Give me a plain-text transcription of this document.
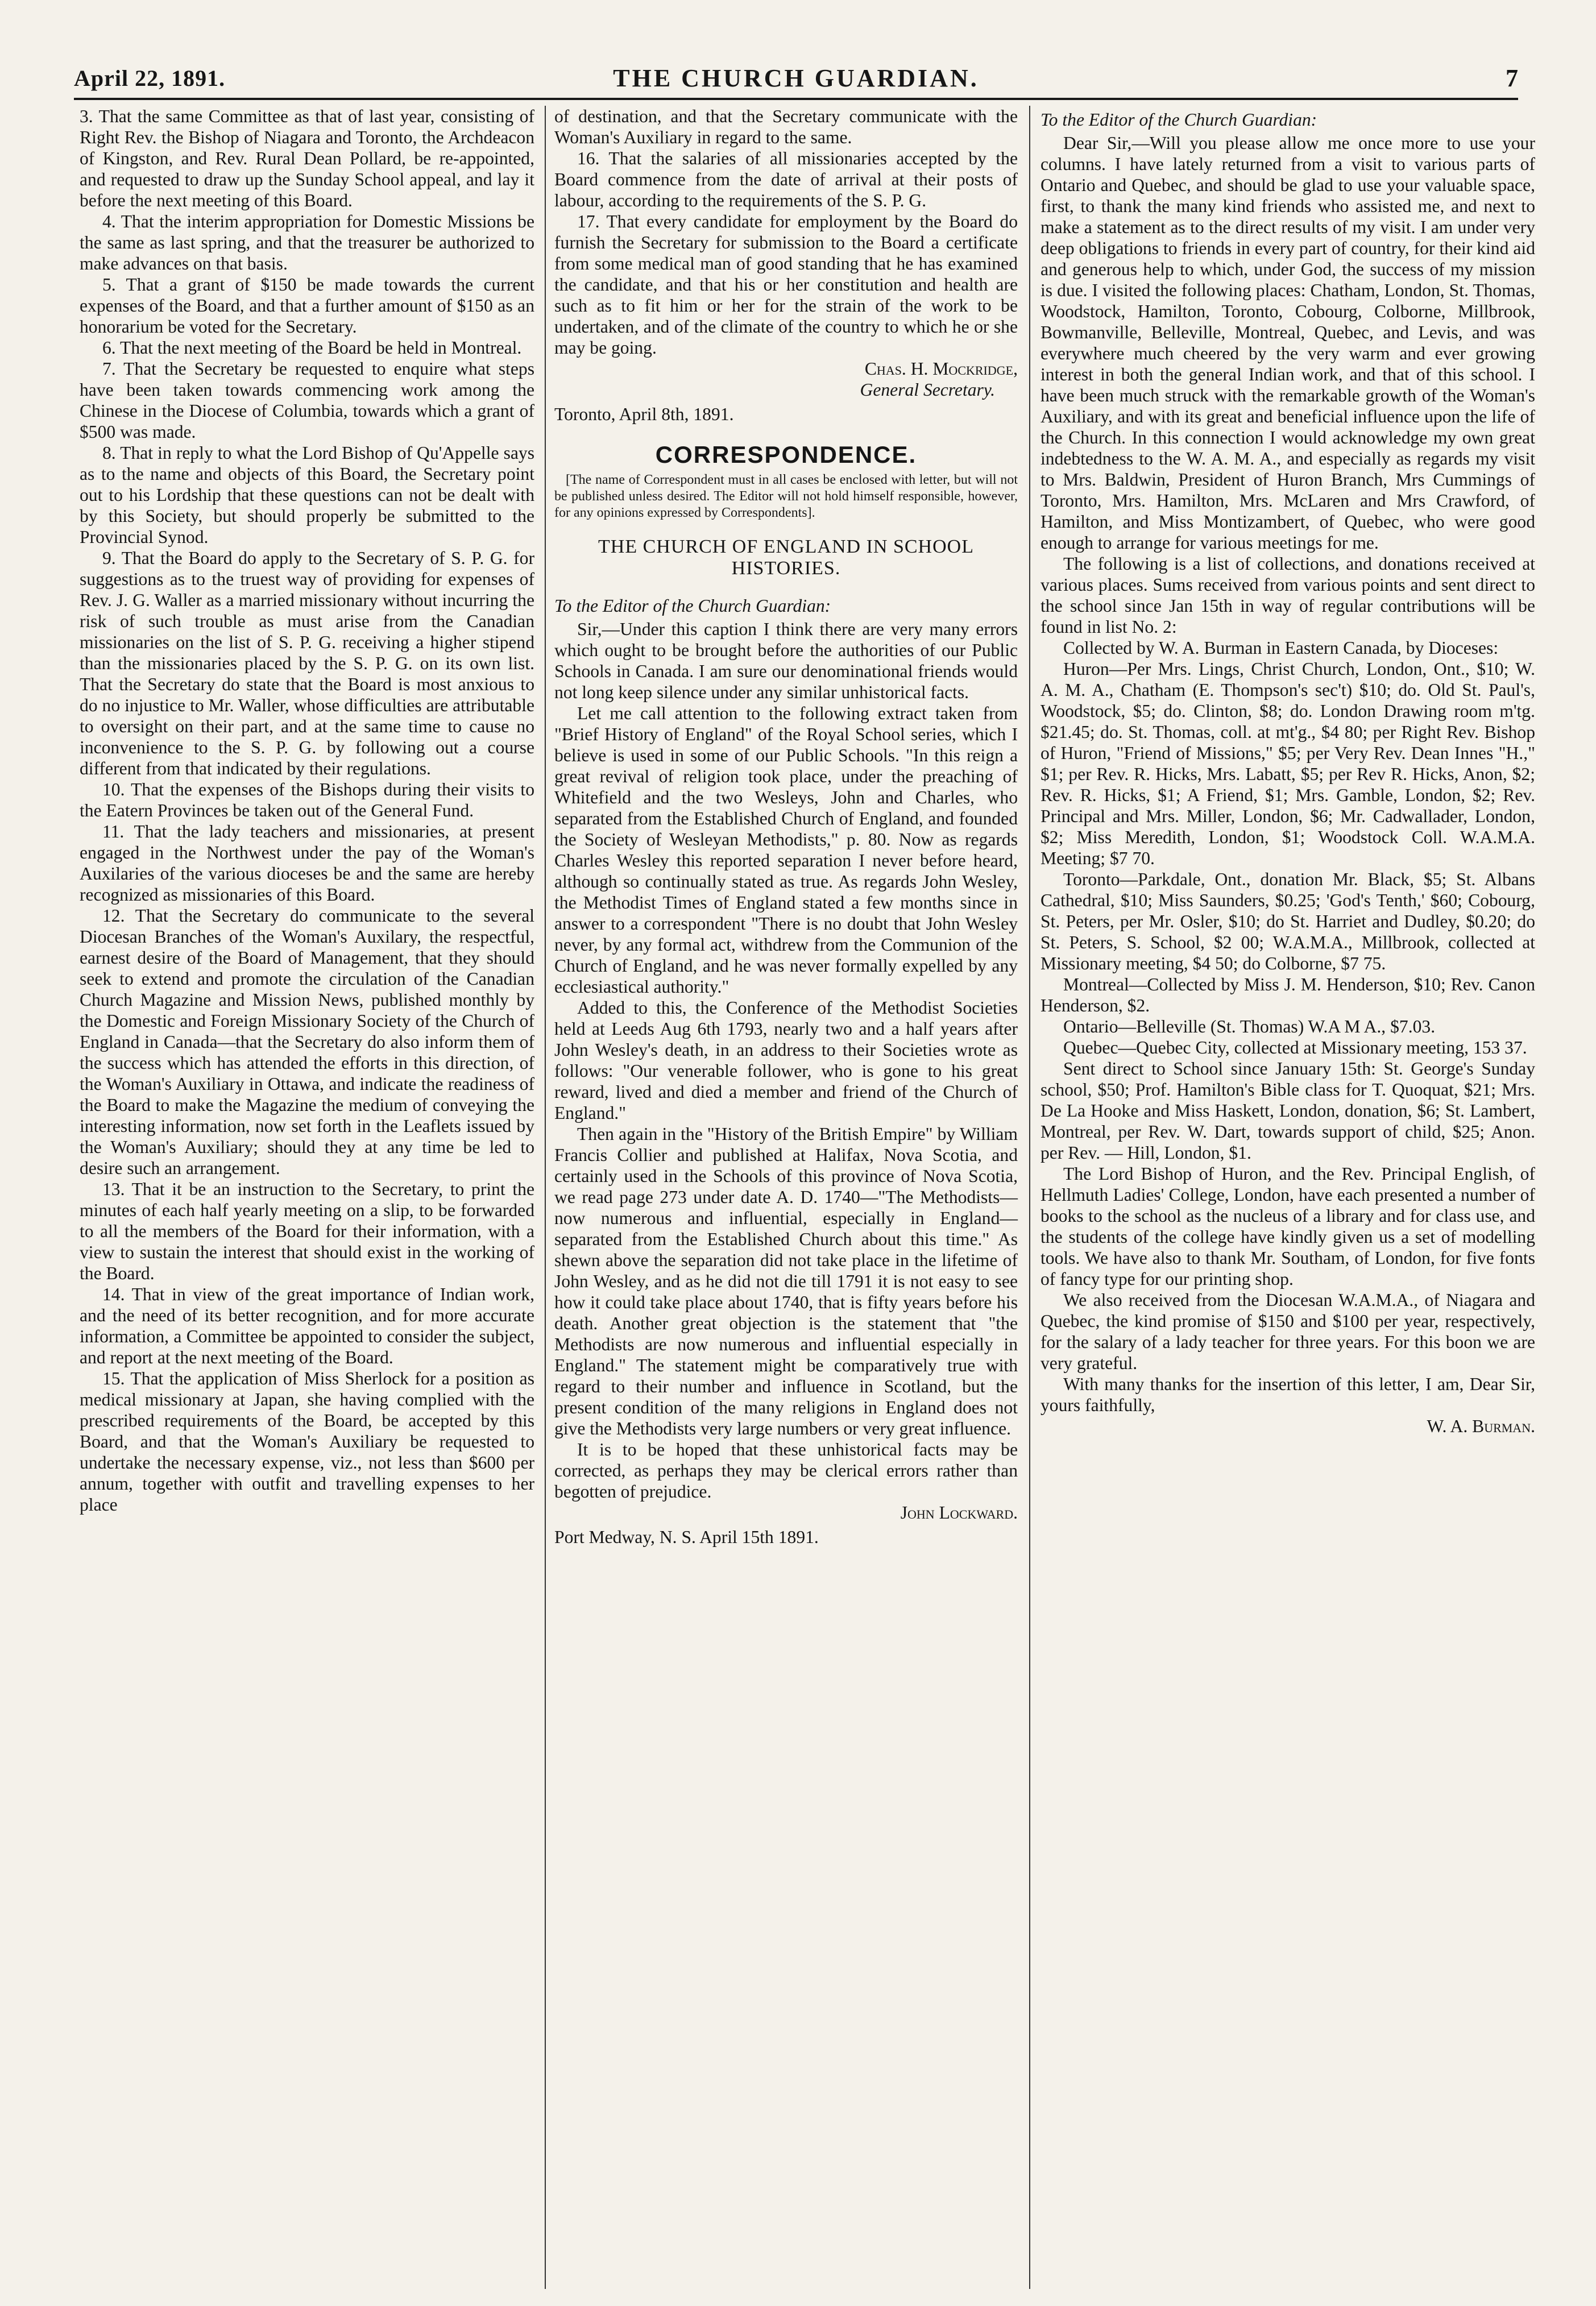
April 22, 1891.	THE CHURCH GUARDIAN.	7

3. That the same Committee as that of last year, consisting of Right Rev. the Bishop of Niagara and Toronto, the Archdeacon of Kingston, and Rev. Rural Dean Pollard, be re-appointed, and requested to draw up the Sunday School appeal, and lay it before the next meeting of this Board.

4. That the interim appropriation for Domestic Missions be the same as last spring, and that the treasurer be authorized to make advances on that basis.

5. That a grant of $150 be made towards the current expenses of the Board, and that a further amount of $150 as an honorarium be voted for the Secretary.

6. That the next meeting of the Board be held in Montreal.

7. That the Secretary be requested to enquire what steps have been taken towards commencing work among the Chinese in the Diocese of Columbia, towards which a grant of $500 was made.

8. That in reply to what the Lord Bishop of Qu'Appelle says as to the name and objects of this Board, the Secretary point out to his Lordship that these questions can not be dealt with by this Society, but should properly be submitted to the Provincial Synod.

9. That the Board do apply to the Secretary of S. P. G. for suggestions as to the truest way of providing for expenses of Rev. J. G. Waller as a married missionary without incurring the risk of such trouble as must arise from the Canadian missionaries on the list of S. P. G. receiving a higher stipend than the missionaries placed by the S. P. G. on its own list. That the Secretary do state that the Board is most anxious to do no injustice to Mr. Waller, whose difficulties are attributable to oversight on their part, and at the same time to cause no inconvenience to the S. P. G. by following out a course different from that indicated by their regulations.

10. That the expenses of the Bishops during their visits to the Eatern Provinces be taken out of the General Fund.

11. That the lady teachers and missionaries, at present engaged in the Northwest under the pay of the Woman's Auxilaries of the various dioceses be and the same are hereby recognized as missionaries of this Board.

12. That the Secretary do communicate to the several Diocesan Branches of the Woman's Auxilary, the respectful, earnest desire of the Board of Management, that they should seek to extend and promote the circulation of the Canadian Church Magazine and Mission News, published monthly by the Domestic and Foreign Missionary Society of the Church of England in Canada—that the Secretary do also inform them of the success which has attended the efforts in this direction, of the Woman's Auxiliary in Ottawa, and indicate the readiness of the Board to make the Magazine the medium of conveying the interesting information, now set forth in the Leaflets issued by the Woman's Auxiliary; should they at any time be led to desire such an arrangement.

13. That it be an instruction to the Secretary, to print the minutes of each half yearly meeting on a slip, to be forwarded to all the members of the Board for their information, with a view to sustain the interest that should exist in the working of the Board.

14. That in view of the great importance of Indian work, and the need of its better recognition, and for more accurate information, a Committee be appointed to consider the subject, and report at the next meeting of the Board.

15. That the application of Miss Sherlock for a position as medical missionary at Japan, she having complied with the prescribed requirements of the Board, be accepted by this Board, and that the Woman's Auxiliary be requested to undertake the necessary expense, viz., not less than $600 per annum, together with outfit and travelling expenses to her place

of destination, and that the Secretary communicate with the Woman's Auxiliary in regard to the same.

16. That the salaries of all missionaries accepted by the Board commence from the date of arrival at their posts of labour, according to the requirements of the S. P. G.

17. That every candidate for employment by the Board do furnish the Secretary for submission to the Board a certificate from some medical man of good standing that he has examined the candidate, and that his or her constitution and health are such as to fit him or her for the strain of the work to be undertaken, and of the climate of the country to which he or she may be going.

Chas. H. Mockridge,
General Secretary.

Toronto, April 8th, 1891.

CORRESPONDENCE.

[The name of Correspondent must in all cases be enclosed with letter, but will not be published unless desired. The Editor will not hold himself responsible, however, for any opinions expressed by Correspondents].

THE CHURCH OF ENGLAND IN SCHOOL HISTORIES.

To the Editor of the Church Guardian:

Sir,—Under this caption I think there are very many errors which ought to be brought before the authorities of our Public Schools in Canada. I am sure our denominational friends would not long keep silence under any similar unhistorical facts.

Let me call attention to the following extract taken from "Brief History of England" of the Royal School series, which I believe is used in some of our Public Schools. "In this reign a great revival of religion took place, under the preaching of Whitefield and the two Wesleys, John and Charles, who separated from the Established Church of England, and founded the Society of Wesleyan Methodists," p. 80. Now as regards Charles Wesley this reported separation I never before heard, although so continually stated as true. As regards John Wesley, the Methodist Times of England stated a few months since in answer to a correspondent "There is no doubt that John Wesley never, by any formal act, withdrew from the Communion of the Church of England, and he was never formally expelled by any ecclesiastical authority."

Added to this, the Conference of the Methodist Societies held at Leeds Aug 6th 1793, nearly two and a half years after John Wesley's death, in an address to their Societies wrote as follows: "Our venerable follower, who is gone to his great reward, lived and died a member and friend of the Church of England."

Then again in the "History of the British Empire" by William Francis Collier and published at Halifax, Nova Scotia, and certainly used in the Schools of this province of Nova Scotia, we read page 273 under date A. D. 1740—"The Methodists—now numerous and influential, especially in England—separated from the Established Church about this time." As shewn above the separation did not take place in the lifetime of John Wesley, and as he did not die till 1791 it is not easy to see how it could take place about 1740, that is fifty years before his death. Another great objection is the statement that "the Methodists are now numerous and influential especially in England." The statement might be comparatively true with regard to their number and influence in Scotland, but the present condition of the many religions in England does not give the Methodists very large numbers or very great influence.

It is to be hoped that these unhistorical facts may be corrected, as perhaps they may be clerical errors rather than begotten of prejudice.

John Lockward.

Port Medway, N. S. April 15th 1891.

To the Editor of the Church Guardian:

Dear Sir,—Will you please allow me once more to use your columns. I have lately returned from a visit to various parts of Ontario and Quebec, and should be glad to use your valuable space, first, to thank the many kind friends who assisted me, and next to make a statement as to the direct results of my visit. I am under very deep obligations to friends in every part of country, for their kind aid and generous help to which, under God, the success of my mission is due. I visited the following places: Chatham, London, St. Thomas, Woodstock, Hamilton, Toronto, Cobourg, Colborne, Millbrook, Bowmanville, Belleville, Montreal, Quebec, and Levis, and was everywhere much cheered by the very warm and ever growing interest in both the general Indian work, and that of this school. I have been much struck with the remarkable growth of the Woman's Auxiliary, and with its great and beneficial influence upon the life of the Church. In this connection I would acknowledge my own great indebtedness to the W. A. M. A., and especially as regards my visit to Mrs. Baldwin, President of Huron Branch, Mrs Cummings of Toronto, Mrs. Hamilton, Mrs. McLaren and Mrs Crawford, of Hamilton, and Miss Montizambert, of Quebec, who were good enough to arrange for various meetings for me.

The following is a list of collections, and donations received at various places. Sums received from various points and sent direct to the school since Jan 15th in way of regular contributions will be found in list No. 2:

Collected by W. A. Burman in Eastern Canada, by Dioceses:

Huron—Per Mrs. Lings, Christ Church, London, Ont., $10; W. A. M. A., Chatham (E. Thompson's sec't) $10; do. Old St. Paul's, Woodstock, $5; do. Clinton, $8; do. London Drawing room m'tg. $21.45; do. St. Thomas, coll. at mt'g., $4 80; per Right Rev. Bishop of Huron, "Friend of Missions," $5; per Very Rev. Dean Innes "H.," $1; per Rev. R. Hicks, Mrs. Labatt, $5; per Rev R. Hicks, Anon, $2; Rev. R. Hicks, $1; A Friend, $1; Mrs. Gamble, London, $2; Rev. Principal and Mrs. Miller, London, $6; Mr. Cadwallader, London, $2; Miss Meredith, London, $1; Woodstock Coll. W.A.M.A. Meeting; $7 70.

Toronto—Parkdale, Ont., donation Mr. Black, $5; St. Albans Cathedral, $10; Miss Saunders, $0.25; 'God's Tenth,' $60; Cobourg, St. Peters, per Mr. Osler, $10; do St. Harriet and Dudley, $0.20; do St. Peters, S. School, $2 00; W.A.M.A., Millbrook, collected at Missionary meeting, $4 50; do Colborne, $7 75.

Montreal—Collected by Miss J. M. Henderson, $10; Rev. Canon Henderson, $2.

Ontario—Belleville (St. Thomas) W.A M A., $7.03.

Quebec—Quebec City, collected at Missionary meeting, 153 37.

Sent direct to School since January 15th: St. George's Sunday school, $50; Prof. Hamilton's Bible class for T. Quoquat, $21; Mrs. De La Hooke and Miss Haskett, London, donation, $6; St. Lambert, Montreal, per Rev. W. Dart, towards support of child, $25; Anon. per Rev. — Hill, London, $1.

The Lord Bishop of Huron, and the Rev. Principal English, of Hellmuth Ladies' College, London, have each presented a number of books to the school as the nucleus of a library and for class use, and the students of the college have kindly given us a set of modelling tools. We have also to thank Mr. Southam, of London, for five fonts of fancy type for our printing shop.

We also received from the Diocesan W.A.M.A., of Niagara and Quebec, the kind promise of $150 and $100 per year, respectively, for the salary of a lady teacher for three years. For this boon we are very grateful.

With many thanks for the insertion of this letter, I am, Dear Sir, yours faithfully,

W. A. Burman.
